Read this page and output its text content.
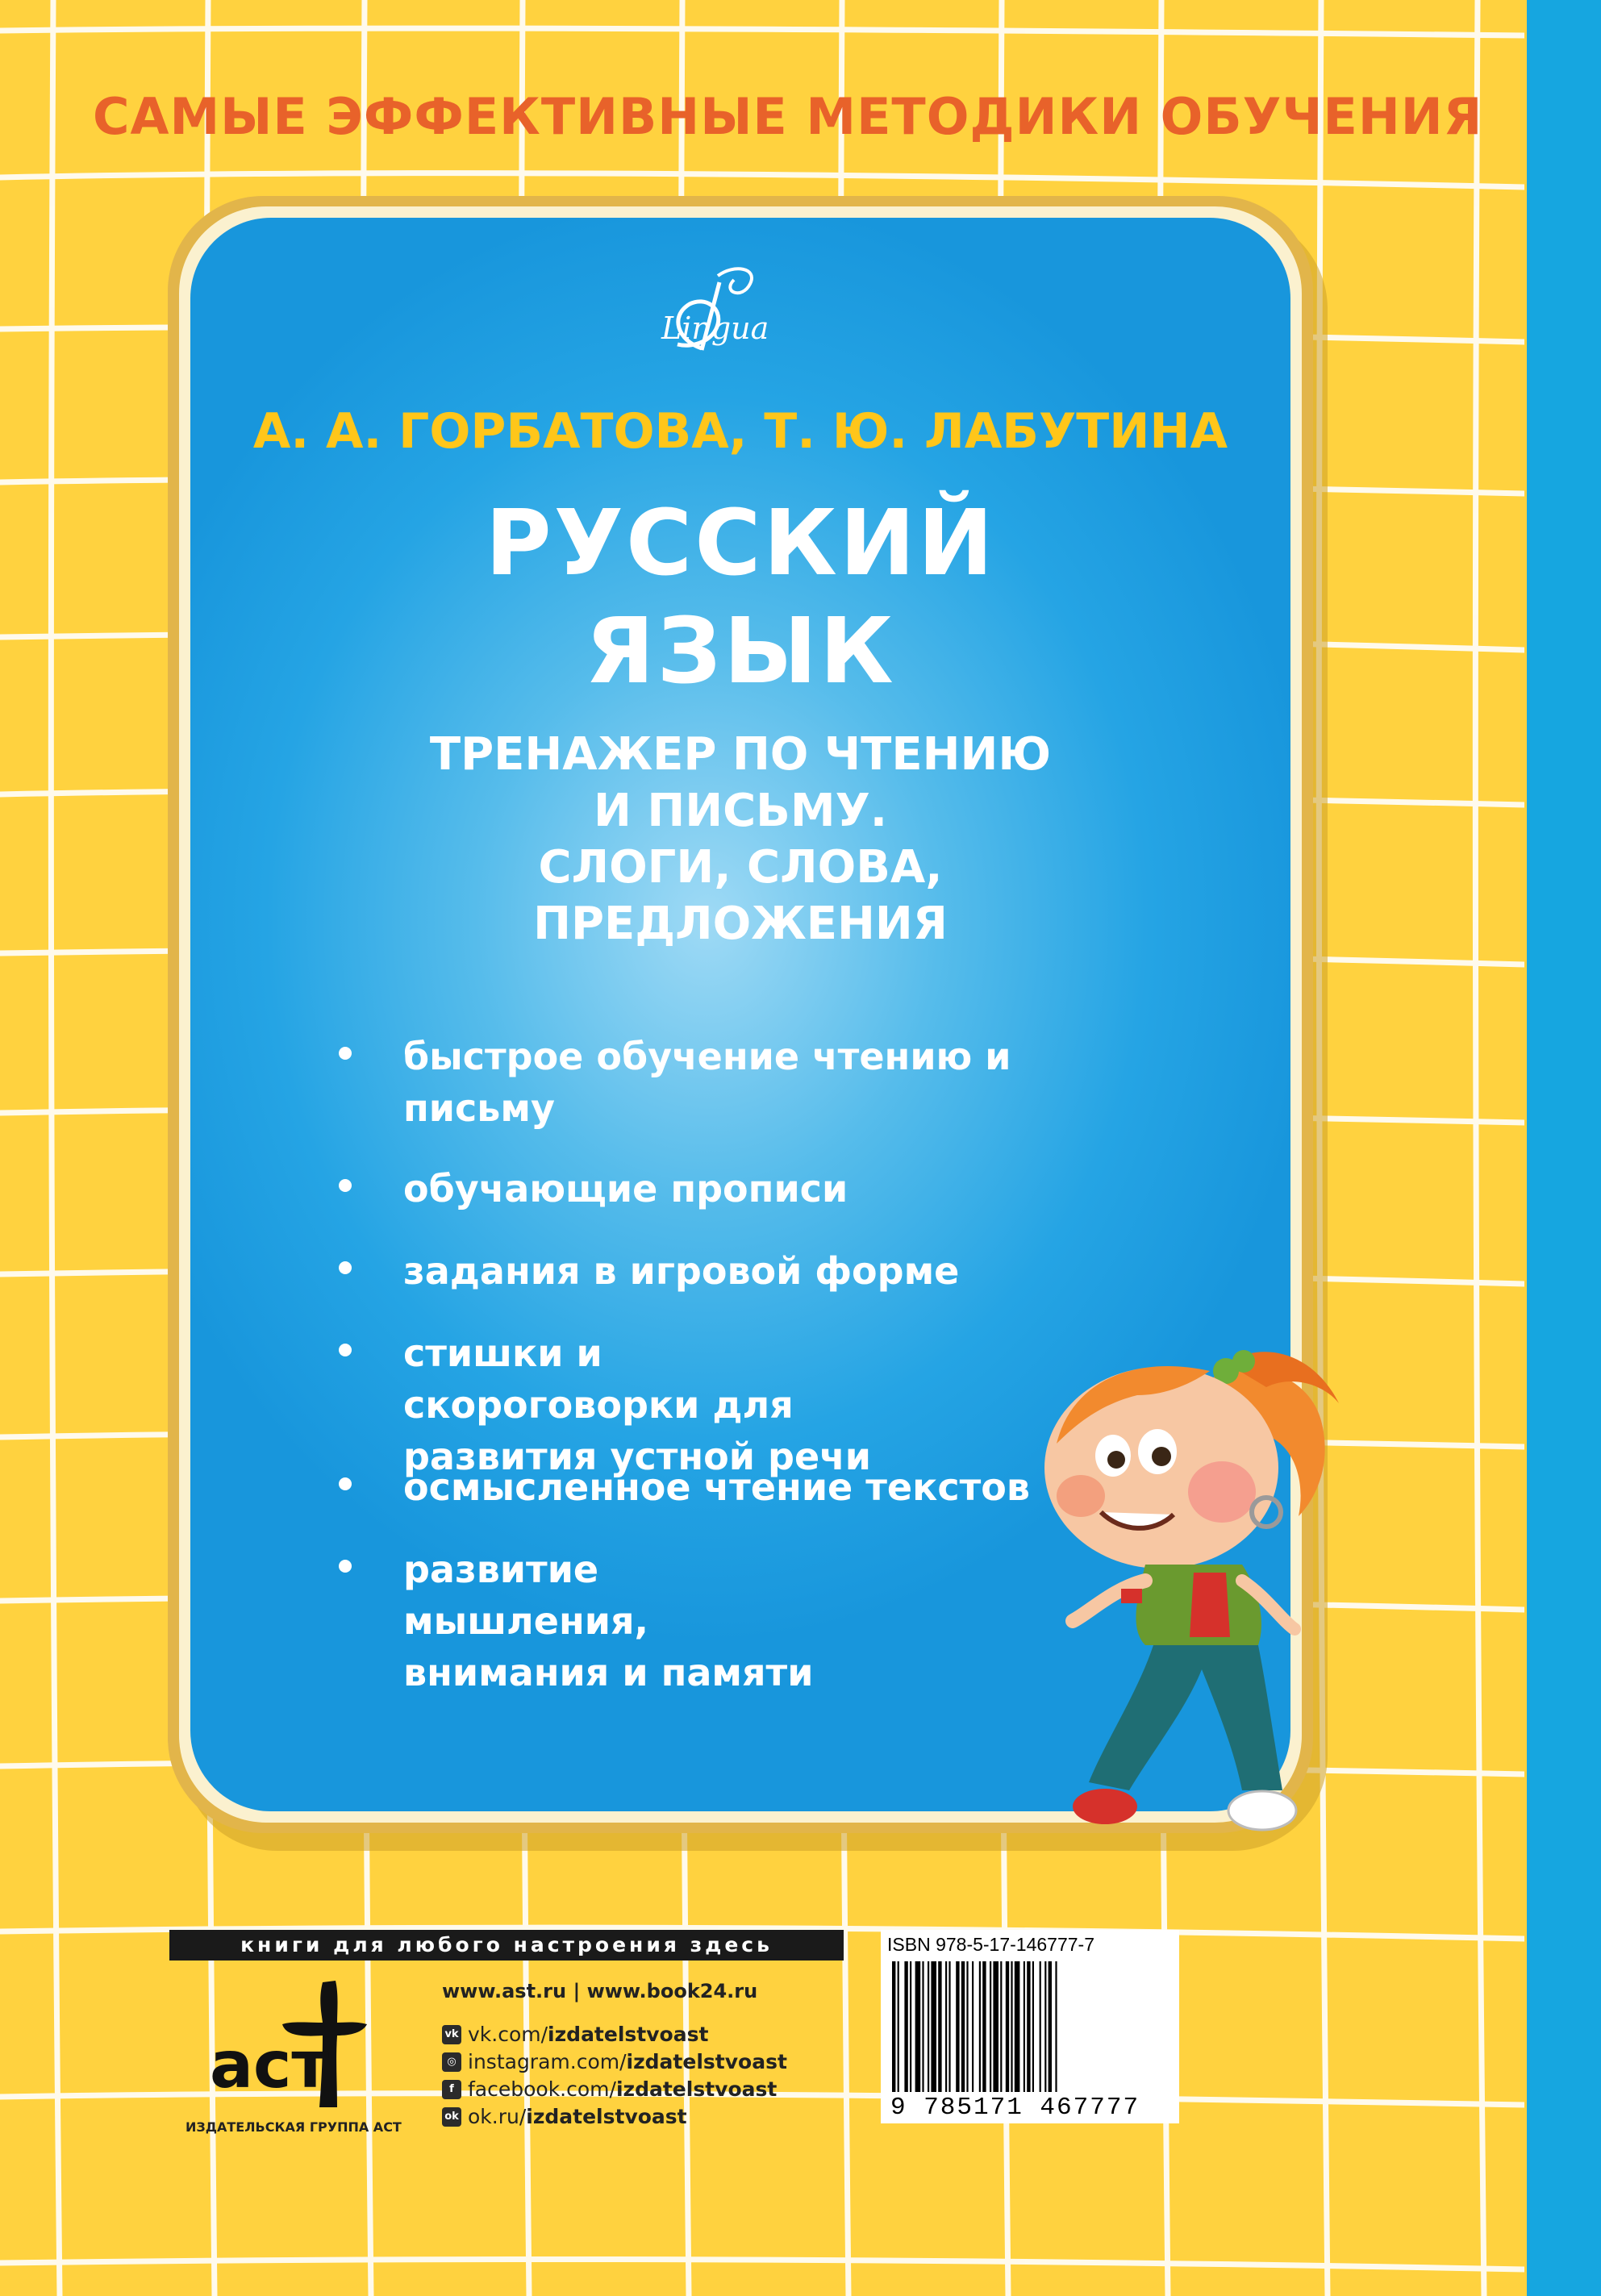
САМЫЕ ЭФФЕКТИВНЫЕ МЕТОДИКИ ОБУЧЕНИЯ
Lingua
А. А. ГОРБАТОВА, Т. Ю. ЛАБУТИНА
РУССКИЙ
ЯЗЫК
ТРЕНАЖЕР ПО ЧТЕНИЮ
И ПИСЬМУ.
СЛОГИ, СЛОВА,
ПРЕДЛОЖЕНИЯ
быстрое обучение чтению и письму
обучающие прописи
задания в игровой форме
стишки и скороговорки для развития устной речи
осмысленное чтение текстов
развитие мышления, внимания и памяти
книги для любого настроения здесь
аст
ИЗДАТЕЛЬСКАЯ ГРУППА АСТ
www.ast.ru | www.book24.ru
vk vk.com/izdatelstvoast
◎ instagram.com/izdatelstvoast
f facebook.com/izdatelstvoast
ok ok.ru/izdatelstvoast
ISBN 978-5-17-146777-7
9 785171 467777
